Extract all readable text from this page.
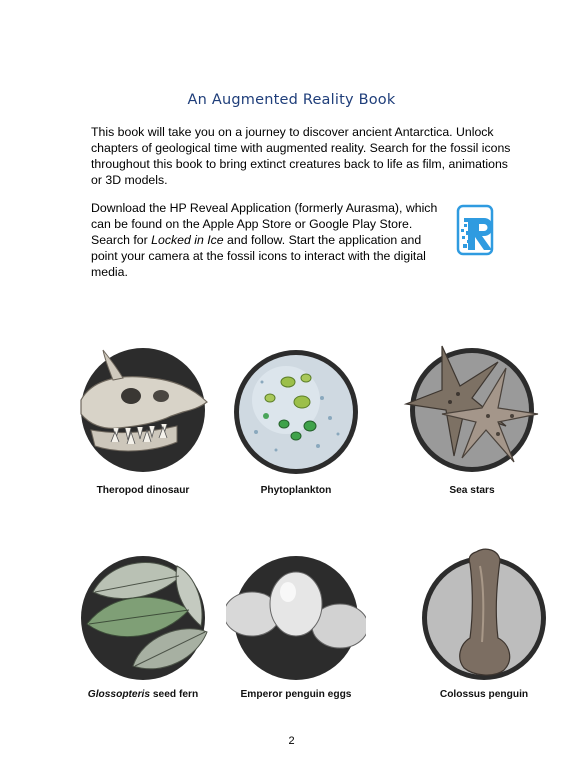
An Augmented Reality Book

This book will take you on a journey to discover ancient Antarctica. Unlock chapters of geological time with augmented reality. Search for the fossil icons throughout this book to bring extinct creatures back to life as film, animations or 3D models.

Download the HP Reveal Application (formerly Aurasma), which can be found on the Apple App Store or Google Play Store. Search for Locked in Ice and follow. Start the application and point your camera at the fossil icons to interact with the digital media.

Theropod dinosaur	Phytoplankton	Sea stars
Glossopteris seed fern	Emperor penguin eggs	Colossus penguin
2
